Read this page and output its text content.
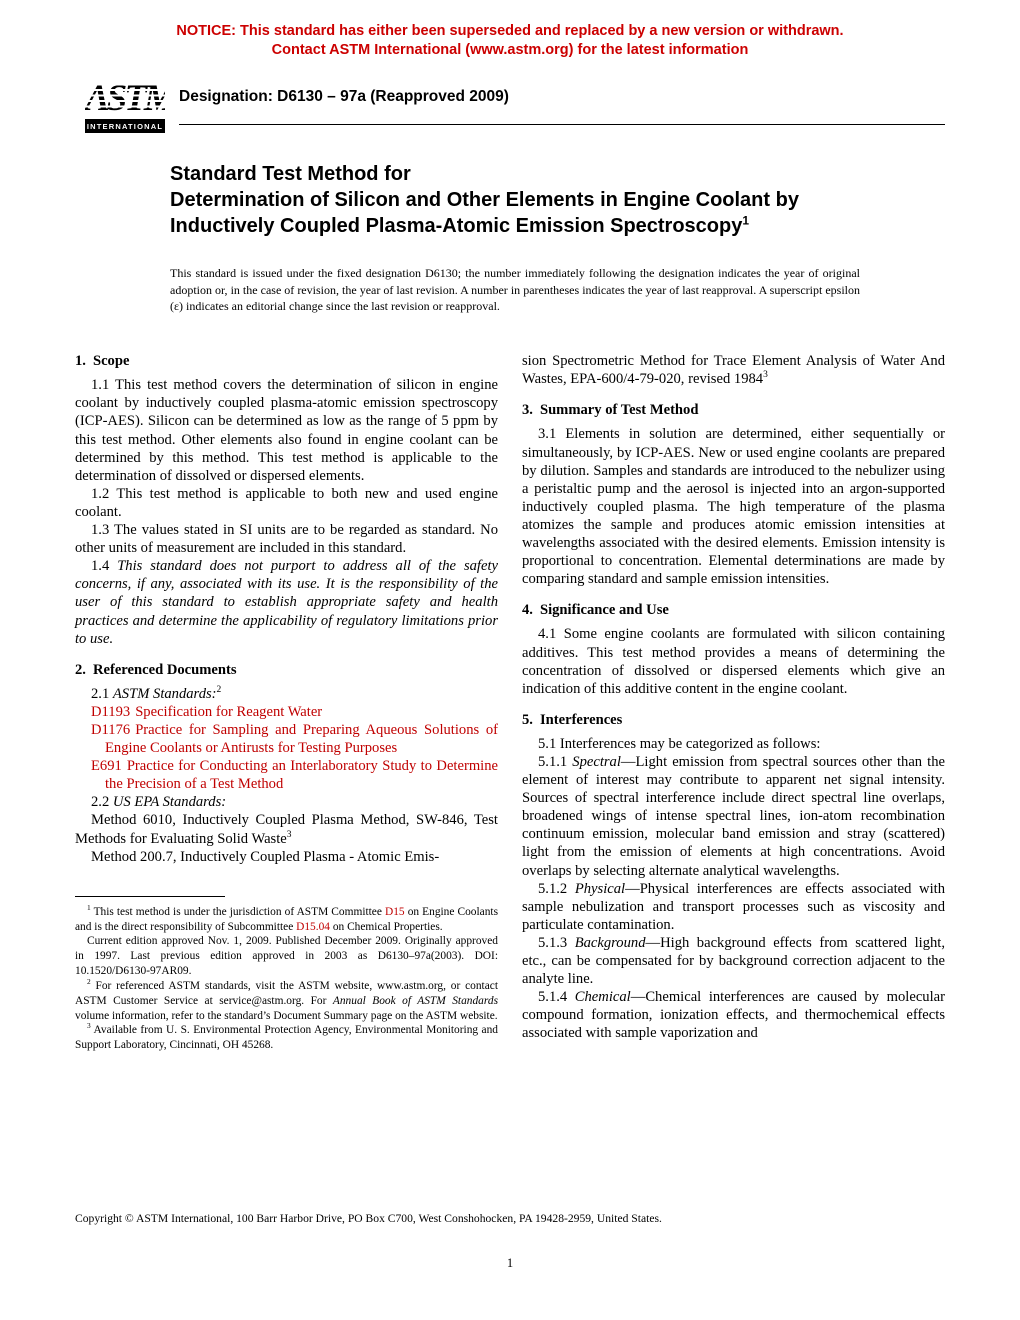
NOTICE: This standard has either been superseded and replaced by a new version or withdrawn.
Contact ASTM International (www.astm.org) for the latest information
ASTM
INTERNATIONAL
Designation: D6130 – 97a (Reapproved 2009)
Standard Test Method for
Determination of Silicon and Other Elements in Engine Coolant by Inductively Coupled Plasma-Atomic Emission Spectroscopy$^1$
This standard is issued under the fixed designation D6130; the number immediately following the designation indicates the year of original adoption or, in the case of revision, the year of last revision. A number in parentheses indicates the year of last reapproval. A superscript epsilon (ε) indicates an editorial change since the last revision or reapproval.
1. Scope

1.1 This test method covers the determination of silicon in engine coolant by inductively coupled plasma-atomic emission spectroscopy (ICP-AES). Silicon can be determined as low as the range of 5 ppm by this test method. Other elements also found in engine coolant can be determined by this method. This test method is applicable to the determination of dissolved or dispersed elements.

1.2 This test method is applicable to both new and used engine coolant.

1.3 The values stated in SI units are to be regarded as standard. No other units of measurement are included in this standard.

1.4 This standard does not purport to address all of the safety concerns, if any, associated with its use. It is the responsibility of the user of this standard to establish appropriate safety and health practices and determine the applicability of regulatory limitations prior to use.

2. Referenced Documents

2.1 ASTM Standards:$^2$

D1193 Specification for Reagent Water
D1176 Practice for Sampling and Preparing Aqueous Solutions of Engine Coolants or Antirusts for Testing Purposes
E691 Practice for Conducting an Interlaboratory Study to Determine the Precision of a Test Method

2.2 US EPA Standards:

Method 6010, Inductively Coupled Plasma Method, SW-846, Test Methods for Evaluating Solid Waste$^3$

Method 200.7, Inductively Coupled Plasma - Atomic Emis-

$^1$ This test method is under the jurisdiction of ASTM Committee D15 on Engine Coolants and is the direct responsibility of Subcommittee D15.04 on Chemical Properties.

Current edition approved Nov. 1, 2009. Published December 2009. Originally approved in 1997. Last previous edition approved in 2003 as D6130–97a(2003). DOI: 10.1520/D6130-97AR09.

$^2$ For referenced ASTM standards, visit the ASTM website, www.astm.org, or contact ASTM Customer Service at service@astm.org. For Annual Book of ASTM Standards volume information, refer to the standard’s Document Summary page on the ASTM website.

$^3$ Available from U. S. Environmental Protection Agency, Environmental Monitoring and Support Laboratory, Cincinnati, OH 45268.

sion Spectrometric Method for Trace Element Analysis of Water And Wastes, EPA-600/4-79-020, revised 1984$^3$

3. Summary of Test Method

3.1 Elements in solution are determined, either sequentially or simultaneously, by ICP-AES. New or used engine coolants are prepared by dilution. Samples and standards are introduced to the nebulizer using a peristaltic pump and the aerosol is injected into an argon-supported inductively coupled plasma. The high temperature of the plasma atomizes the sample and produces atomic emission intensities at wavelengths associated with the desired elements. Emission intensity is proportional to concentration. Elemental determinations are made by comparing standard and sample emission intensities.

4. Significance and Use

4.1 Some engine coolants are formulated with silicon containing additives. This test method provides a means of determining the concentration of dissolved or dispersed elements which give an indication of this additive content in the engine coolant.

5. Interferences

5.1 Interferences may be categorized as follows:

5.1.1 Spectral—Light emission from spectral sources other than the element of interest may contribute to apparent net signal intensity. Sources of spectral interference include direct spectral line overlaps, broadened wings of intense spectral lines, ion-atom recombination continuum emission, molecular band emission and stray (scattered) light from the emission of elements at high concentrations. Avoid overlaps by selecting alternate analytical wavelengths.

5.1.2 Physical—Physical interferences are effects associated with sample nebulization and transport processes such as viscosity and particulate contamination.

5.1.3 Background—High background effects from scattered light, etc., can be compensated for by background correction adjacent to the analyte line.

5.1.4 Chemical—Chemical interferences are caused by molecular compound formation, ionization effects, and thermochemical effects associated with sample vaporization and

Copyright © ASTM International, 100 Barr Harbor Drive, PO Box C700, West Conshohocken, PA 19428-2959, United States.
1
